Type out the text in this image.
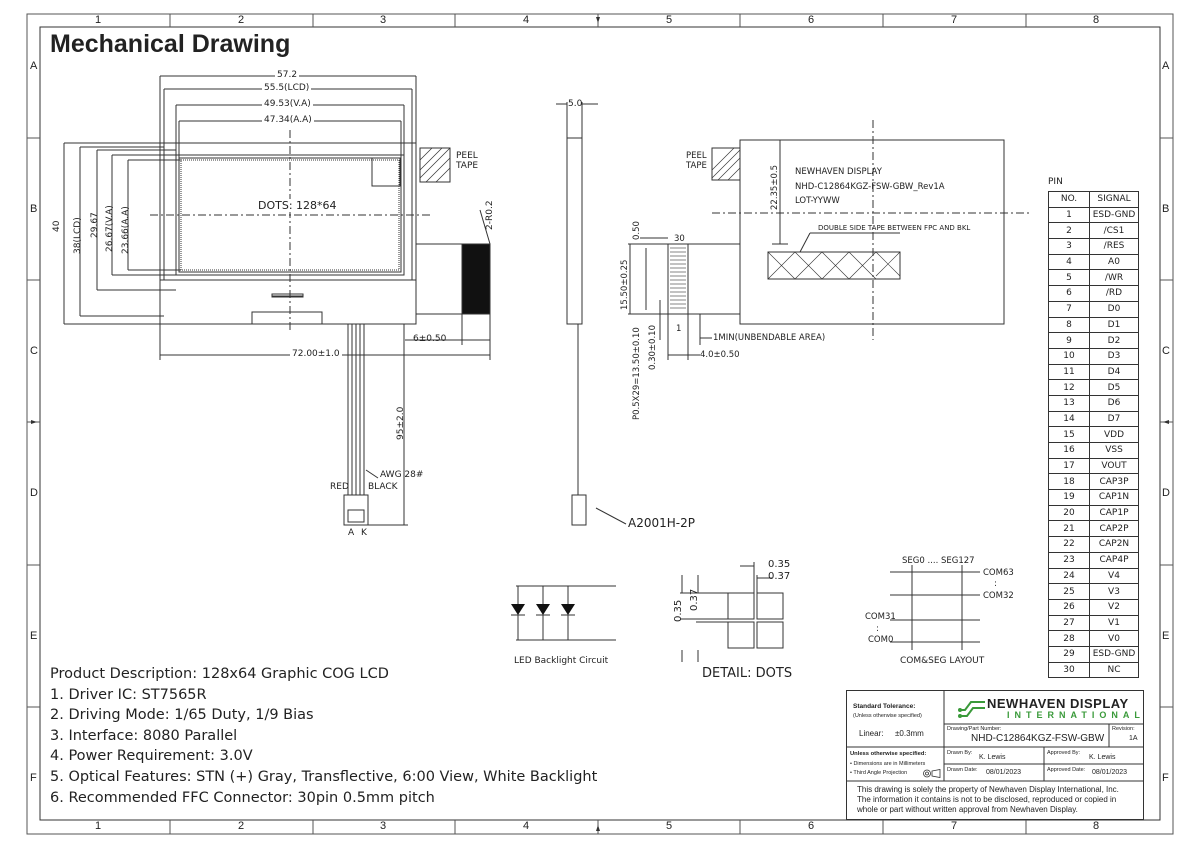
Mechanical Drawing
1	2	3	4	5	6	7	8
1	2	3	4	5	6	7	8
A
B
C
D
E
F
A
B
C
D
E
F
57.2
55.5(LCD)
49.53(V.A)
47.34(A.A)
40 38(LCD) 29.67 26.67(V.A) 23.66(A.A)
DOTS: 128*64
PEEL
TAPE
2-R0.2
6±0.50
72.00±1.0
95±2.0
AWG 28#
RED BLACK
A K
5.0
A2001H-2P
PEEL
TAPE
NEWHAVEN DISPLAY
NHD-C12864KGZ-FSW-GBW_Rev1A
LOT-YYWW
22.35±0.5
DOUBLE SIDE TAPE BETWEEN FPC AND BKL
30
1
0.50
15.50±0.25
P0.5X29=13.50±0.10 0.30±0.10	1MIN(UNBENDABLE AREA)
4.0±0.50
LED Backlight Circuit
DETAIL: DOTS
0.35
0.37
0.35 0.37
COM&SEG LAYOUT
SEG0 .... SEG127
COM63
:
COM32
COM31
:
COM0
PIN
NO.	SIGNAL
1	ESD-GND
2	/CS1
3	/RES
4	A0
5	/WR
6	/RD
7	D0
8	D1
9	D2
10	D3
11	D4
12	D5
13	D6
14	D7
15	VDD
16	VSS
17	VOUT
18	CAP3P
19	CAP1N
20	CAP1P
21	CAP2P
22	CAP2N
23	CAP4P
24	V4
25	V3
26	V2
27	V1
28	V0
29	ESD-GND
30	NC
Product Description: 128x64 Graphic COG LCD
1. Driver IC: ST7565R
2. Driving Mode: 1/65 Duty, 1/9 Bias
3. Interface: 8080 Parallel
4. Power Requirement: 3.0V
5. Optical Features: STN (+) Gray, Transflective, 6:00 View, White Backlight
6. Recommended FFC Connector: 30pin 0.5mm pitch
Standard Tolerance:
(Unless otherwise specified)
Linear: ±0.3mm
NEWHAVEN DISPLAY
INTERNATIONAL
Drawing/Part Number:
NHD-C12864KGZ-FSW-GBW
Revision:
1A
Unless otherwise specified:
• Dimensions are in Millimeters
• Third Angle Projection
Drawn By:
K. Lewis
Approved By:
K. Lewis
Drawn Date: 08/01/2023	Approved Date: 08/01/2023
This drawing is solely the property of Newhaven Display International, Inc.
The information it contains is not to be disclosed, reproduced or copied in
whole or part without written approval from Newhaven Display.
